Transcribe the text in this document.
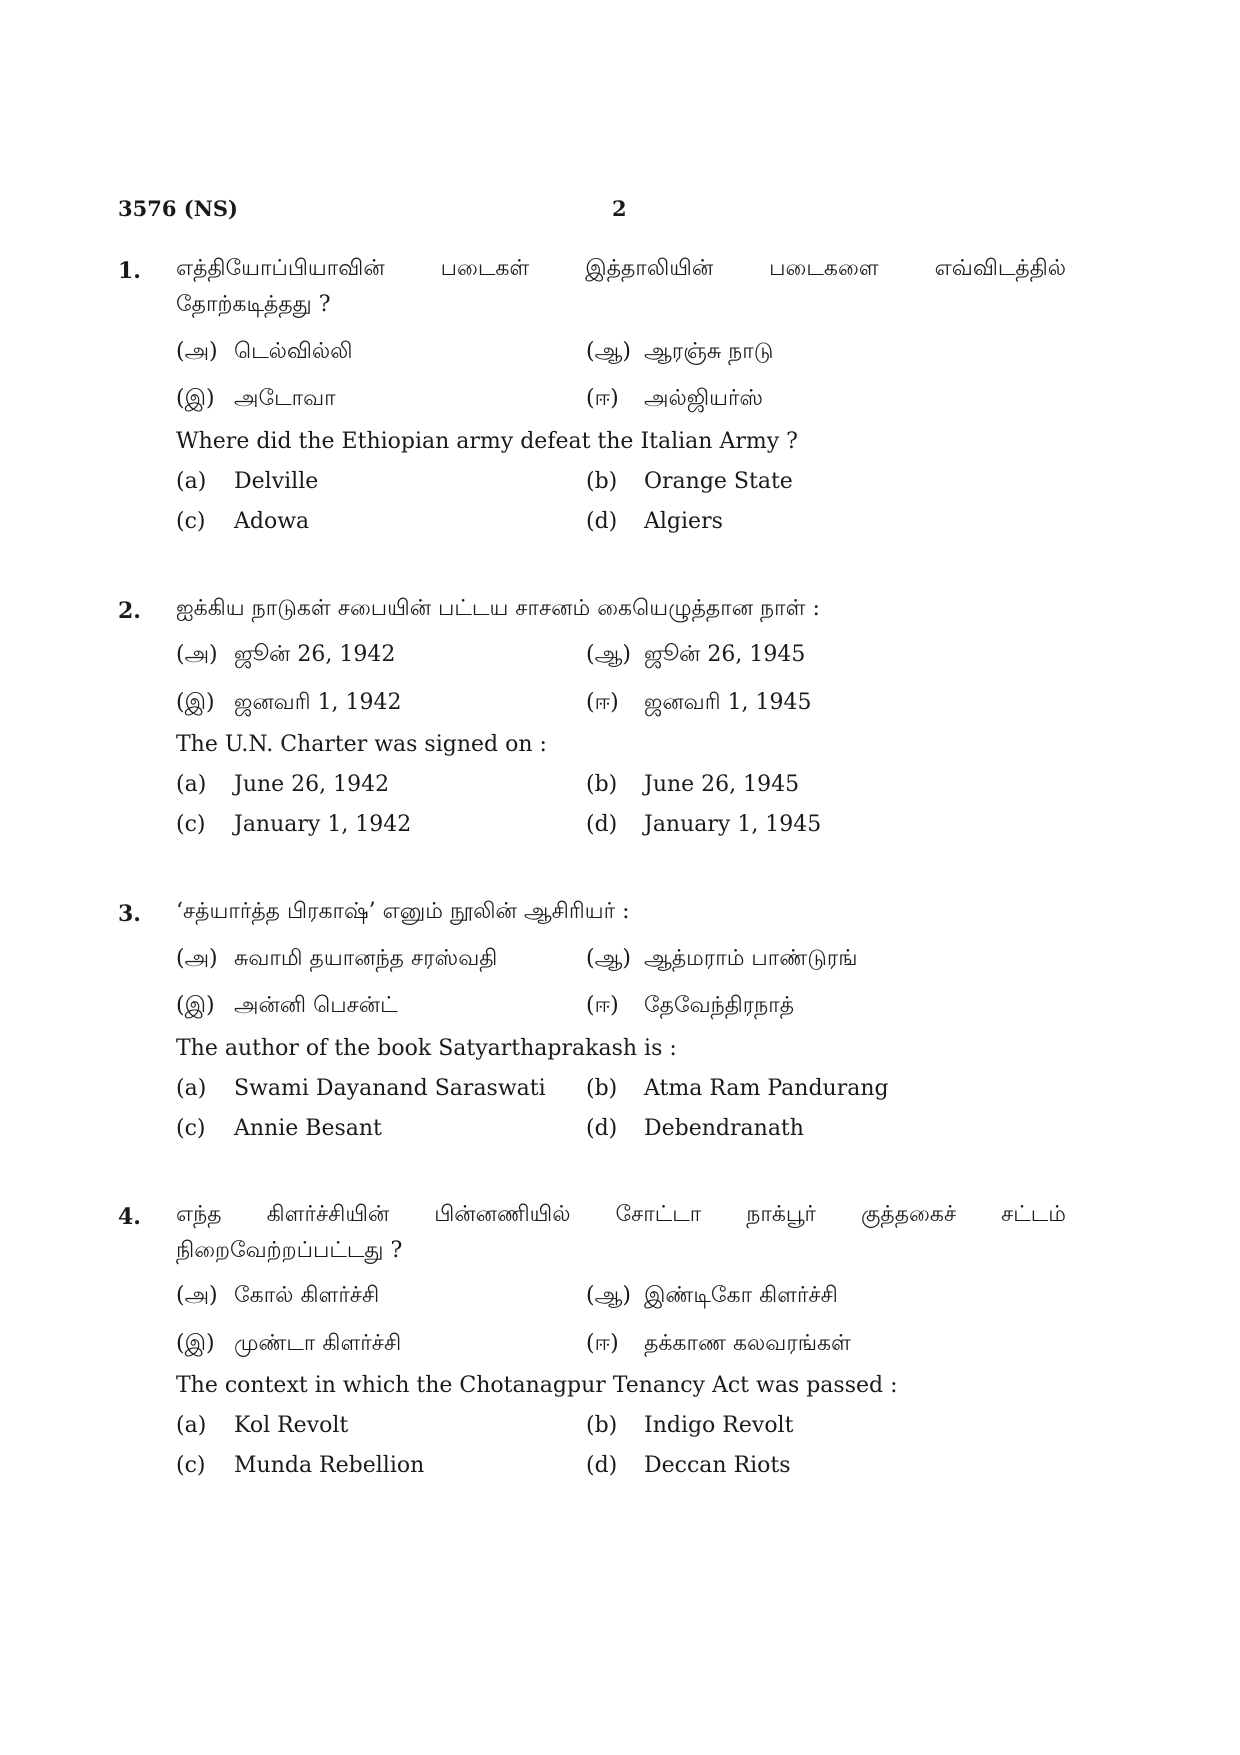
3576 (NS)	2
1. எத்தியோப்பியாவின் படைகள் இத்தாலியின் படைகளை எவ்விடத்தில்
தோற்கடித்தது ?
(அ) டெல்வில்லி	(ஆ) ஆரஞ்சு நாடு
(இ) அடோவா	(ஈ) அல்ஜியர்ஸ்
Where did the Ethiopian army defeat the Italian Army ?
(a) Delville	(b) Orange State
(c) Adowa	(d) Algiers
2. ஐக்கிய நாடுகள் சபையின் பட்டய சாசனம் கையெழுத்தான நாள் :
(அ) ஜூன் 26, 1942	(ஆ) ஜூன் 26, 1945
(இ) ஜனவரி 1, 1942	(ஈ) ஜனவரி 1, 1945
The U.N. Charter was signed on :
(a) June 26, 1942	(b) June 26, 1945
(c) January 1, 1942	(d) January 1, 1945
3. ‘சத்யார்த்த பிரகாஷ்’ எனும் நூலின் ஆசிரியர் :
(அ) சுவாமி தயானந்த சரஸ்வதி	(ஆ) ஆத்மராம் பாண்டுரங்
(இ) அன்னி பெசன்ட்	(ஈ) தேவேந்திரநாத்
The author of the book Satyarthaprakash is :
(a) Swami Dayanand Saraswati (b) Atma Ram Pandurang
(c) Annie Besant	(d) Debendranath
4. எந்த கிளர்ச்சியின் பின்னணியில் சோட்டா நாக்பூர் குத்தகைச் சட்டம்
நிறைவேற்றப்பட்டது ?
(அ) கோல் கிளர்ச்சி	(ஆ) இண்டிகோ கிளர்ச்சி
(இ) முண்டா கிளர்ச்சி	(ஈ) தக்காண கலவரங்கள்
The context in which the Chotanagpur Tenancy Act was passed :
(a) Kol Revolt	(b) Indigo Revolt
(c) Munda Rebellion	(d) Deccan Riots
